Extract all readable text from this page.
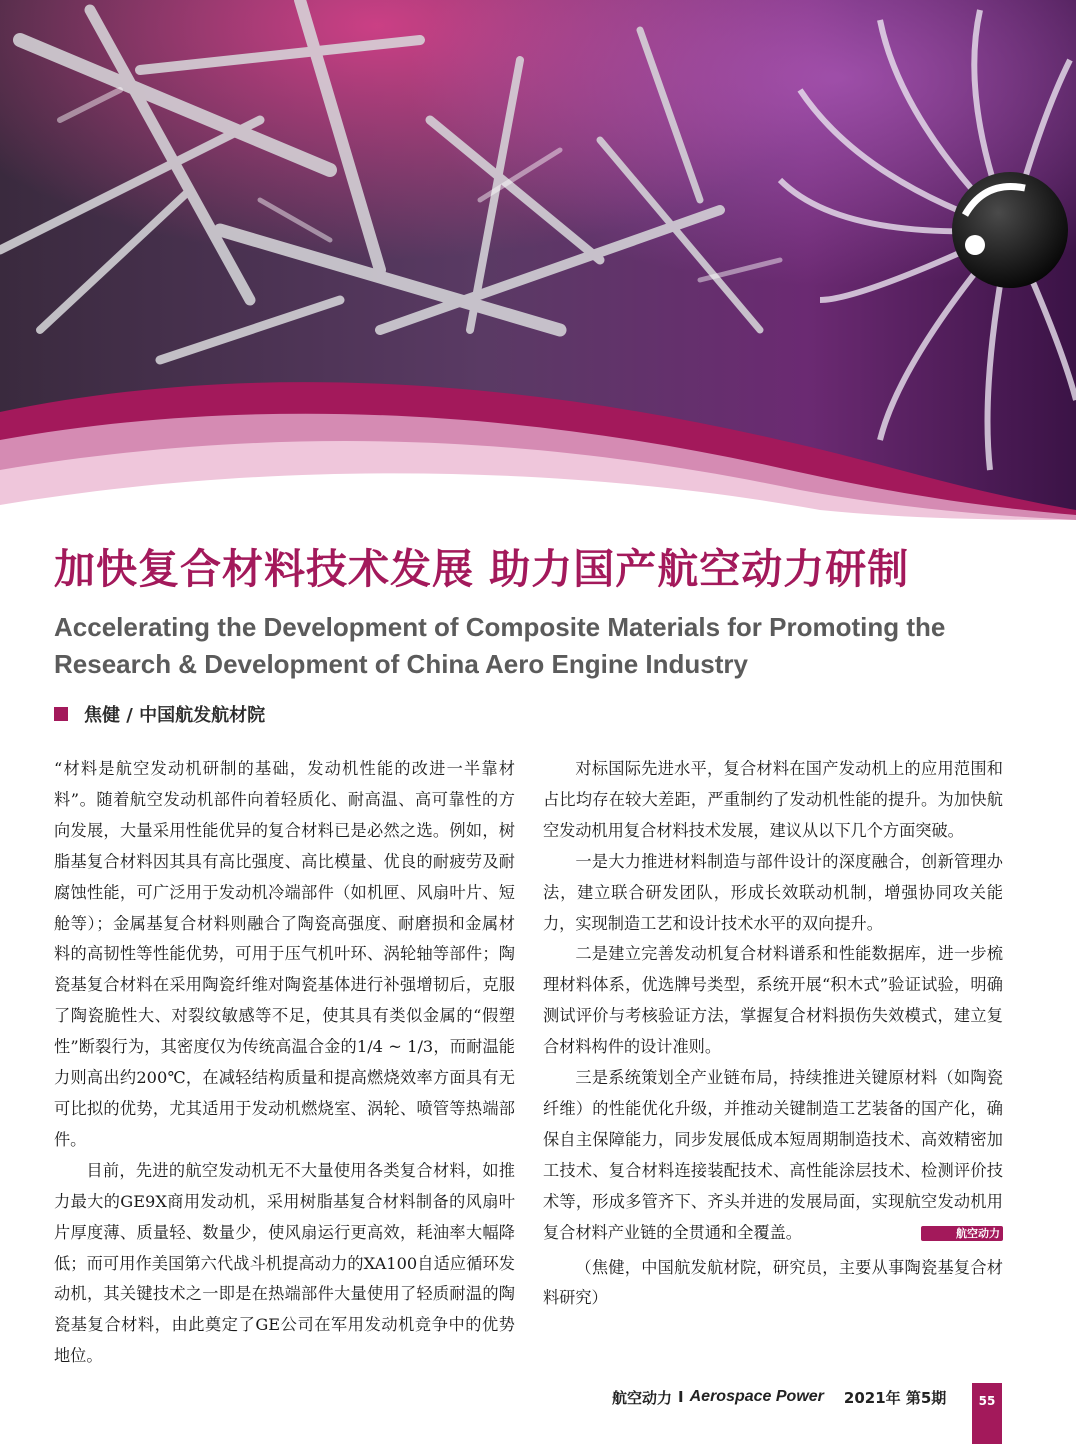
加快复合材料技术发展 助力国产航空动力研制
Accelerating the Development of Composite Materials for Promoting the Research & Development of China Aero Engine Industry
焦健 / 中国航发航材院

“材料是航空发动机研制的基础，发动机性能的改进一半靠材料”。随着航空发动机部件向着轻质化、耐高温、高可靠性的方向发展，大量采用性能优异的复合材料已是必然之选。例如，树脂基复合材料因其具有高比强度、高比模量、优良的耐疲劳及耐腐蚀性能，可广泛用于发动机冷端部件（如机匣、风扇叶片、短舱等）；金属基复合材料则融合了陶瓷高强度、耐磨损和金属材料的高韧性等性能优势，可用于压气机叶环、涡轮轴等部件；陶瓷基复合材料在采用陶瓷纤维对陶瓷基体进行补强增韧后，克服了陶瓷脆性大、对裂纹敏感等不足，使其具有类似金属的“假塑性”断裂行为，其密度仅为传统高温合金的1/4 ~ 1/3，而耐温能力则高出约200℃，在减轻结构质量和提高燃烧效率方面具有无可比拟的优势，尤其适用于发动机燃烧室、涡轮、喷管等热端部件。

目前，先进的航空发动机无不大量使用各类复合材料，如推力最大的GE9X商用发动机，采用树脂基复合材料制备的风扇叶片厚度薄、质量轻、数量少，使风扇运行更高效，耗油率大幅降低；而可用作美国第六代战斗机提高动力的XA100自适应循环发动机，其关键技术之一即是在热端部件大量使用了轻质耐温的陶瓷基复合材料，由此奠定了GE公司在军用发动机竞争中的优势地位。

对标国际先进水平，复合材料在国产发动机上的应用范围和占比均存在较大差距，严重制约了发动机性能的提升。为加快航空发动机用复合材料技术发展，建议从以下几个方面突破。

一是大力推进材料制造与部件设计的深度融合，创新管理办法，建立联合研发团队，形成长效联动机制，增强协同攻关能力，实现制造工艺和设计技术水平的双向提升。

二是建立完善发动机复合材料谱系和性能数据库，进一步梳理材料体系，优选牌号类型，系统开展“积木式”验证试验，明确测试评价与考核验证方法，掌握复合材料损伤失效模式，建立复合材料构件的设计准则。

三是系统策划全产业链布局，持续推进关键原材料（如陶瓷纤维）的性能优化升级，并推动关键制造工艺装备的国产化，确保自主保障能力，同步发展低成本短周期制造技术、高效精密加工技术、复合材料连接装配技术、高性能涂层技术、检测评价技术等，形成多管齐下、齐头并进的发展局面，实现航空发动机用复合材料产业链的全贯通和全覆盖。	航空动力

（焦健，中国航发航材院，研究员，主要从事陶瓷基复合材料研究）

航空动力 I Aerospace Power 2021年 第5期	55
